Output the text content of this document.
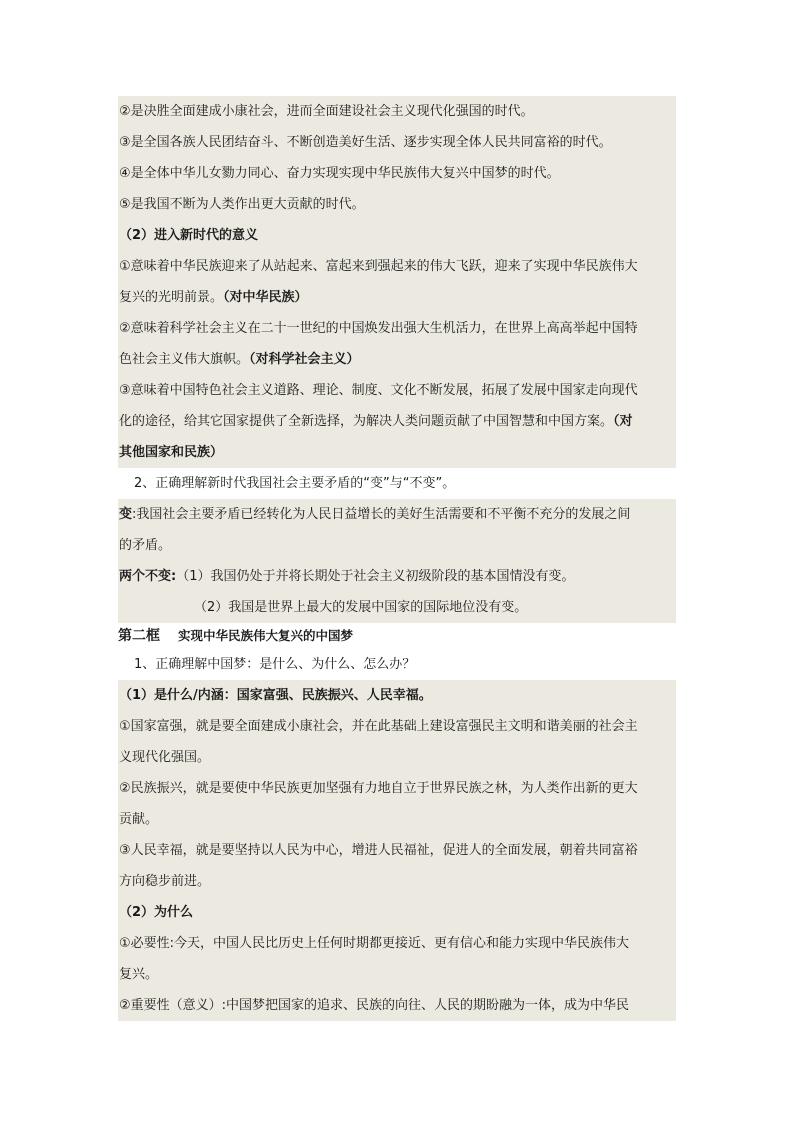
②是决胜全面建成小康社会，进而全面建设社会主义现代化强国的时代。
③是全国各族人民团结奋斗、不断创造美好生活、逐步实现全体人民共同富裕的时代。
④是全体中华儿女勠力同心、奋力实现实现中华民族伟大复兴中国梦的时代。
⑤是我国不断为人类作出更大贡献的时代。
（2）进入新时代的意义
①意味着中华民族迎来了从站起来、富起来到强起来的伟大飞跃，迎来了实现中华民族伟大
复兴的光明前景。（对中华民族）
②意味着科学社会主义在二十一世纪的中国焕发出强大生机活力，在世界上高高举起中国特
色社会主义伟大旗帜。（对科学社会主义）
③意味着中国特色社会主义道路、理论、制度、文化不断发展，拓展了发展中国家走向现代
化的途径，给其它国家提供了全新选择，为解决人类问题贡献了中国智慧和中国方案。（对
其他国家和民族）
2、正确理解新时代我国社会主要矛盾的“变”与“不变”。
变:我国社会主要矛盾已经转化为人民日益增长的美好生活需要和不平衡不充分的发展之间
的矛盾。
两个不变:（1）我国仍处于并将长期处于社会主义初级阶段的基本国情没有变。
（2）我国是世界上最大的发展中国家的国际地位没有变。
第二框 实现中华民族伟大复兴的中国梦
1、正确理解中国梦：是什么、为什么、怎么办？
（1）是什么/内涵：国家富强、民族振兴、人民幸福。
①国家富强，就是要全面建成小康社会，并在此基础上建设富强民主文明和谐美丽的社会主
义现代化强国。
②民族振兴，就是要使中华民族更加坚强有力地自立于世界民族之林，为人类作出新的更大
贡献。
③人民幸福，就是要坚持以人民为中心，增进人民福祉，促进人的全面发展，朝着共同富裕
方向稳步前进。
（2）为什么
①必要性:今天，中国人民比历史上任何时期都更接近、更有信心和能力实现中华民族伟大
复兴。
②重要性（意义）:中国梦把国家的追求、民族的向往、人民的期盼融为一体，成为中华民
